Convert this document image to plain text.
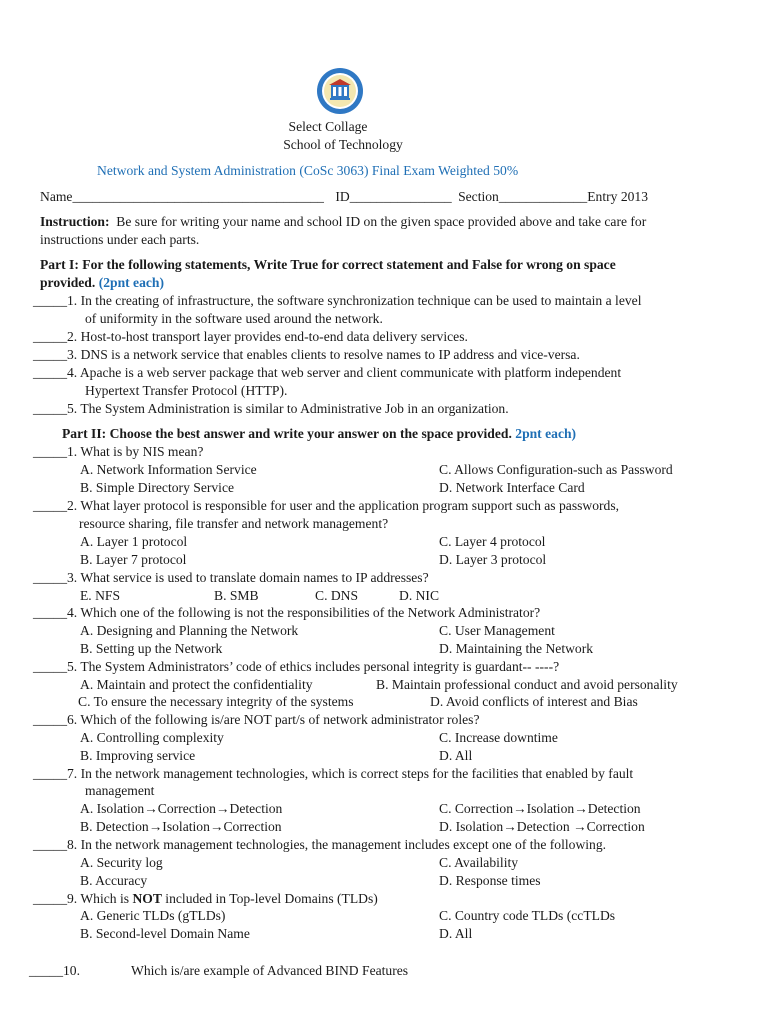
Select Collage
School of Technology
Network and System Administration (CoSc 3063) Final Exam Weighted 50%
Name_____________________________________ ID_______________ Section_____________Entry 2013
Instruction:  Be sure for writing your name and school ID on the given space provided above and take care for
instructions under each parts.
Part I: For the following statements, Write True for correct statement and False for wrong on space
provided. (2pnt each)
_____1. In the creating of infrastructure, the software synchronization technique can be used to maintain a level
of uniformity in the software used around the network.
_____2. Host-to-host transport layer provides end-to-end data delivery services.
_____3. DNS is a network service that enables clients to resolve names to IP address and vice-versa.
_____4. Apache is a web server package that web server and client communicate with platform independent
Hypertext Transfer Protocol (HTTP).
_____5. The System Administration is similar to Administrative Job in an organization.
Part II: Choose the best answer and write your answer on the space provided. 2pnt each)
_____1. What is by NIS mean?
A. Network Information Service	C. Allows Configuration-such as Password
B. Simple Directory Service	D. Network Interface Card
_____2. What layer protocol is responsible for user and the application program support such as passwords,
resource sharing, file transfer and network management?
A. Layer 1 protocol	C. Layer 4 protocol
B. Layer 7 protocol	D. Layer 3 protocol
_____3. What service is used to translate domain names to IP addresses?
E. NFS	B. SMB	C. DNS	D. NIC
_____4. Which one of the following is not the responsibilities of the Network Administrator?
A. Designing and Planning the Network	C. User Management
B. Setting up the Network	D. Maintaining the Network
_____5. The System Administrators’ code of ethics includes personal integrity is guardant-- ----?
A. Maintain and protect the confidentiality	B. Maintain professional conduct and avoid personality
C. To ensure the necessary integrity of the systems	D. Avoid conflicts of interest and Bias
_____6. Which of the following is/are NOT part/s of network administrator roles?
A. Controlling complexity	C. Increase downtime
B. Improving service	D. All
_____7. In the network management technologies, which is correct steps for the facilities that enabled by fault
management
A. Isolation→Correction→Detection	C. Correction→Isolation→Detection
B. Detection→Isolation→Correction	D. Isolation→Detection →Correction
_____8. In the network management technologies, the management includes except one of the following.
A. Security log	C. Availability
B. Accuracy	D. Response times
_____9. Which is NOT included in Top-level Domains (TLDs)
A. Generic TLDs (gTLDs)	C. Country code TLDs (ccTLDs
B. Second-level Domain Name	D. All
_____10.	Which is/are example of Advanced BIND Features
